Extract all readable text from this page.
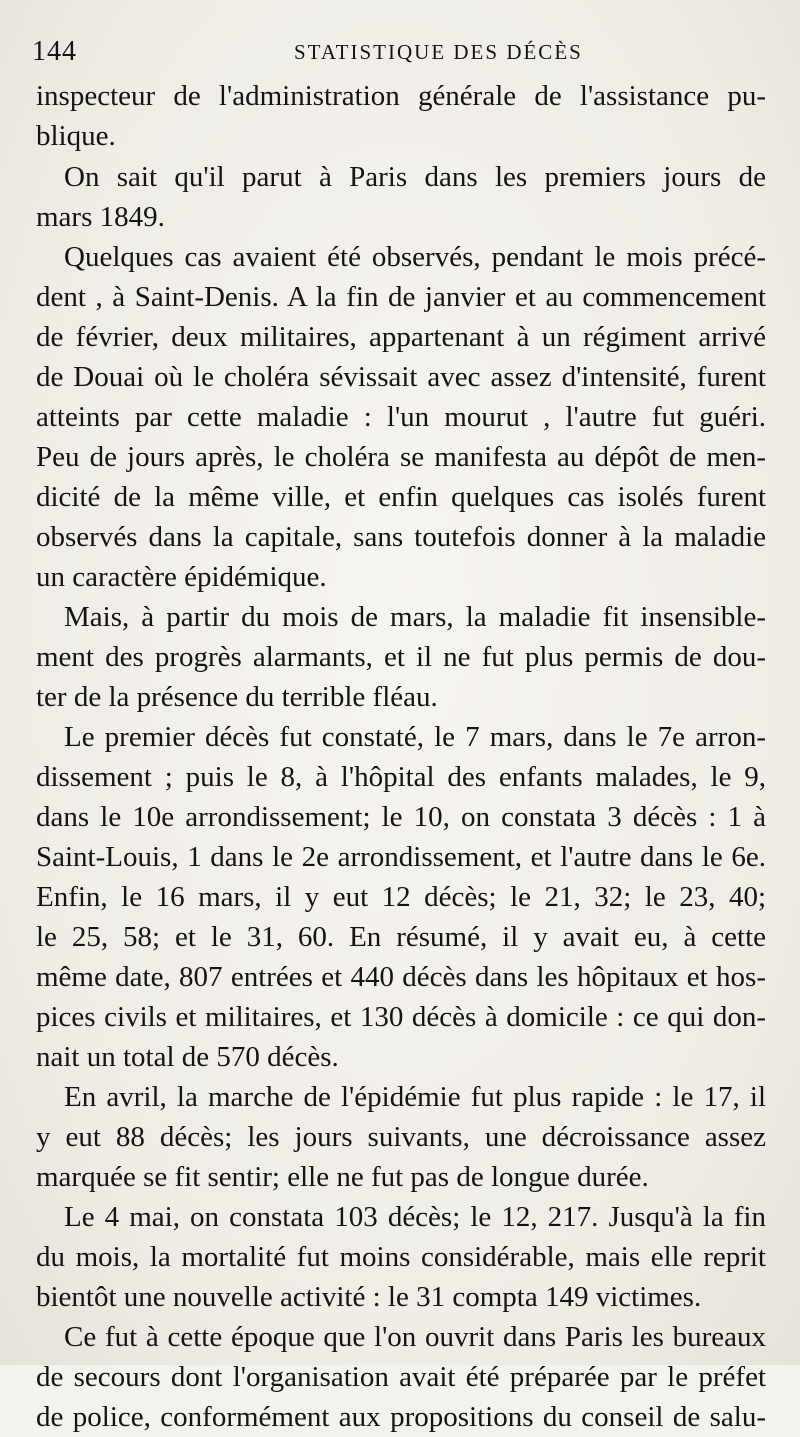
144	STATISTIQUE DES DÉCÈS
inspecteur de l'administration générale de l'assistance pu-
blique.
On sait qu'il parut à Paris dans les premiers jours de
mars 1849.
Quelques cas avaient été observés, pendant le mois précé-
dent , à Saint-Denis. A la fin de janvier et au commencement
de février, deux militaires, appartenant à un régiment arrivé
de Douai où le choléra sévissait avec assez d'intensité, furent
atteints par cette maladie : l'un mourut , l'autre fut guéri.
Peu de jours après, le choléra se manifesta au dépôt de men-
dicité de la même ville, et enfin quelques cas isolés furent
observés dans la capitale, sans toutefois donner à la maladie
un caractère épidémique.
Mais, à partir du mois de mars, la maladie fit insensible-
ment des progrès alarmants, et il ne fut plus permis de dou-
ter de la présence du terrible fléau.
Le premier décès fut constaté, le 7 mars, dans le 7e arron-
dissement ; puis le 8, à l'hôpital des enfants malades, le 9,
dans le 10e arrondissement; le 10, on constata 3 décès : 1 à
Saint-Louis, 1 dans le 2e arrondissement, et l'autre dans le 6e.
Enfin, le 16 mars, il y eut 12 décès; le 21, 32; le 23, 40;
le 25, 58; et le 31, 60. En résumé, il y avait eu, à cette
même date, 807 entrées et 440 décès dans les hôpitaux et hos-
pices civils et militaires, et 130 décès à domicile : ce qui don-
nait un total de 570 décès.
En avril, la marche de l'épidémie fut plus rapide : le 17, il
y eut 88 décès; les jours suivants, une décroissance assez
marquée se fit sentir; elle ne fut pas de longue durée.
Le 4 mai, on constata 103 décès; le 12, 217. Jusqu'à la fin
du mois, la mortalité fut moins considérable, mais elle reprit
bientôt une nouvelle activité : le 31 compta 149 victimes.
Ce fut à cette époque que l'on ouvrit dans Paris les bureaux
de secours dont l'organisation avait été préparée par le préfet
de police, conformément aux propositions du conseil de salu-
